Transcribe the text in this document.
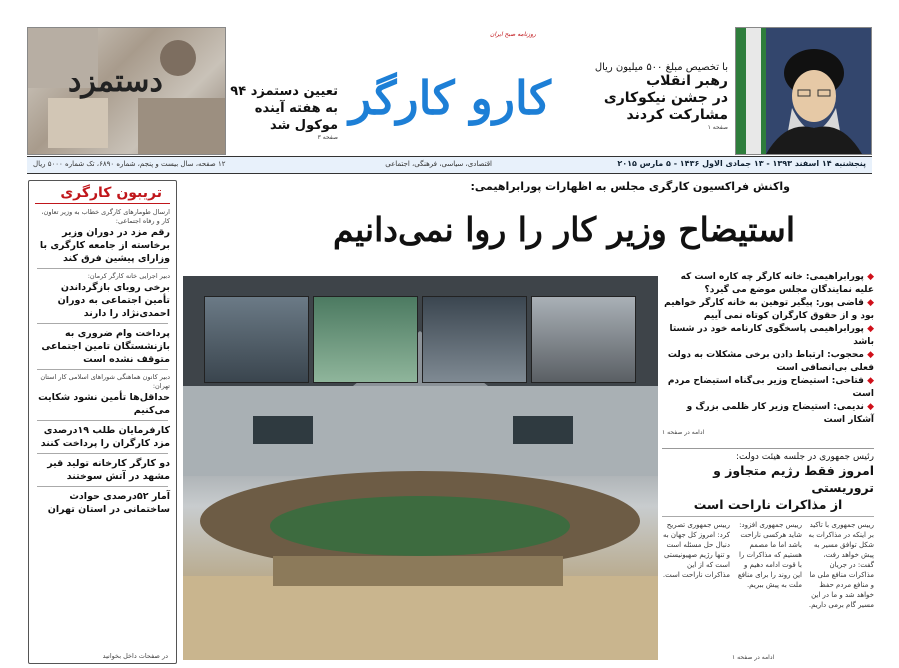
با تخصیص مبلغ ۵۰۰ میلیون ریال
رهبر انقلاب
در جشن نیکوکاری
مشارکت کردند
صفحه ۱
روزنامه صبح ایران
کارو کارگر
تعیین دستمزد ۹۴
به هفته آینده
موکول شد
صفحه ۳
دستمزد
پنجشنبه ۱۴ اسفند ۱۳۹۳ - ۱۳ جمادی الاول ۱۴۳۶ - ۵ مارس ۲۰۱۵
اقتصادی، سیاسی، فرهنگی، اجتماعی
۱۲ صفحه، سال بیست و پنجم، شماره ۶۸۹۰، تک شماره ۵۰۰۰ ریال
تریبون کارگری
ارسال طومارهای کارگری خطاب به وزیر تعاون، کار و رفاه اجتماعی:
رقم مزد در دوران وزیر برخاسته از جامعه کارگری با وزارای پیشین فرق کند
دبیر اجرایی خانه کارگر کرمان:
برخی رویای بازگرداندن تأمین اجتماعی به دوران احمدی‌نژاد را دارند
پرداخت وام ضروری به بازنشستگان تامین اجتماعی متوقف نشده است
دبیر کانون هماهنگی شوراهای اسلامی کار استان تهران:
حداقل‌ها تأمین نشود شکایت می‌کنیم
کارفرمایان طلب ۱۹درصدی مزد کارگران را پرداخت کنند
دو کارگر کارخانه تولید قیر مشهد در آتش سوختند
آمار ۵۲درصدی حوادث ساختمانی در استان تهران
در صفحات داخل بخوانید
واکنش فراکسیون کارگری مجلس به اظهارات پورابراهیمی:
استیضاح وزیر کار را روا نمی‌دانیم
◆ پورابراهیمی: خانه کارگر چه کاره است که علیه نمایندگان مجلس موضع می گیرد؟
◆ قاضی پور: پیگیر توهین به خانه کارگر خواهیم بود و از حقوق کارگران کوتاه نمی آییم
◆ پورابراهیمی پاسخگوی کارنامه خود در شستا باشد
◆ محجوب: ارتباط دادن برخی مشکلات به دولت فعلی بی‌انصافی است
◆ فتاحی: استیضاح وزیر بی‌گناه استیضاح مردم است
◆ ندیمی: استیضاح وزیر کار ظلمی بزرگ و آشکار است
ادامه در صفحه ۱
رئیس جمهوری در جلسه هیئت دولت:
امروز فقط رژیم متجاوز و تروریستی
از مذاکرات ناراحت است
رییس جمهوری با تاکید بر اینکه در مذاکرات به شکل توافق مسیر به پیش خواهد رفت، گفت: در جریان مذاکرات منافع ملی ما و منافع مردم حفظ خواهد شد و ما در این مسیر گام برمی داریم.
رییس جمهوری افزود: شاید هرکسی ناراحت باشد اما ما مصمم هستیم که مذاکرات را با قوت ادامه دهیم و این روند را برای منافع ملت به پیش ببریم.
رییس جمهوری تصریح کرد: امروز کل جهان به دنبال حل مسئله است و تنها رژیم صهیونیستی است که از این مذاکرات ناراحت است.
ادامه در صفحه ۱
